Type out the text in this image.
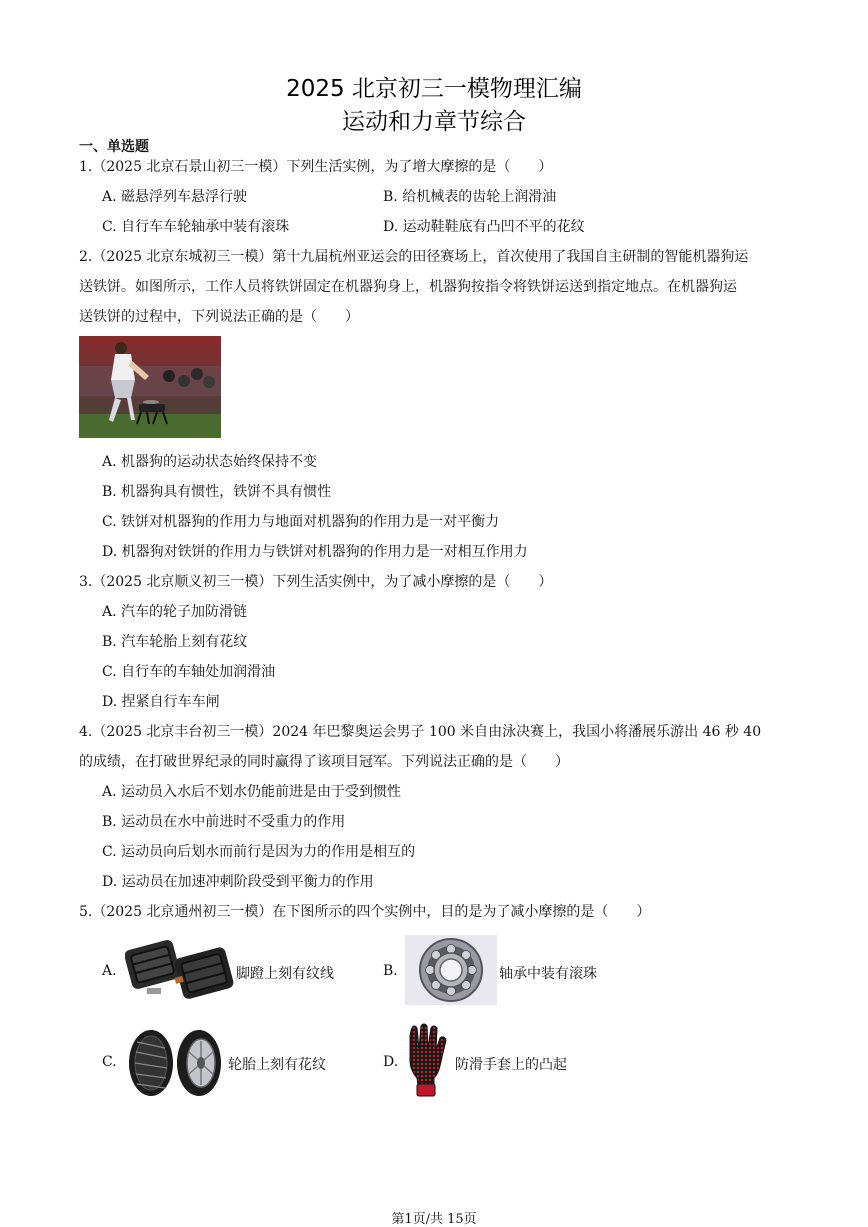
2025 北京初三一模物理汇编
运动和力章节综合
一、单选题
1.（2025 北京石景山初三一模）下列生活实例，为了增大摩擦的是（　　）
A. 磁悬浮列车悬浮行驶	B. 给机械表的齿轮上润滑油
C. 自行车车轮轴承中装有滚珠	D. 运动鞋鞋底有凸凹不平的花纹
2.（2025 北京东城初三一模）第十九届杭州亚运会的田径赛场上，首次使用了我国自主研制的智能机器狗运
送铁饼。如图所示，工作人员将铁饼固定在机器狗身上，机器狗按指令将铁饼运送到指定地点。在机器狗运
送铁饼的过程中，下列说法正确的是（　　）
A. 机器狗的运动状态始终保持不变
B. 机器狗具有惯性，铁饼不具有惯性
C. 铁饼对机器狗的作用力与地面对机器狗的作用力是一对平衡力
D. 机器狗对铁饼的作用力与铁饼对机器狗的作用力是一对相互作用力
3.（2025 北京顺义初三一模）下列生活实例中，为了减小摩擦的是（　　）
A. 汽车的轮子加防滑链
B. 汽车轮胎上刻有花纹
C. 自行车的车轴处加润滑油
D. 捏紧自行车车闸
4.（2025 北京丰台初三一模）2024 年巴黎奥运会男子 100 米自由泳决赛上，我国小将潘展乐游出 46 秒 40
的成绩，在打破世界纪录的同时赢得了该项目冠军。下列说法正确的是（　　）
A. 运动员入水后不划水仍能前进是由于受到惯性
B. 运动员在水中前进时不受重力的作用
C. 运动员向后划水而前行是因为力的作用是相互的
D. 运动员在加速冲刺阶段受到平衡力的作用
5.（2025 北京通州初三一模）在下图所示的四个实例中，目的是为了减小摩擦的是（　　）
A.	脚蹬上刻有纹线	B.	轴承中装有滚珠
C.	轮胎上刻有花纹	D.	防滑手套上的凸起
第1页/共 15页
